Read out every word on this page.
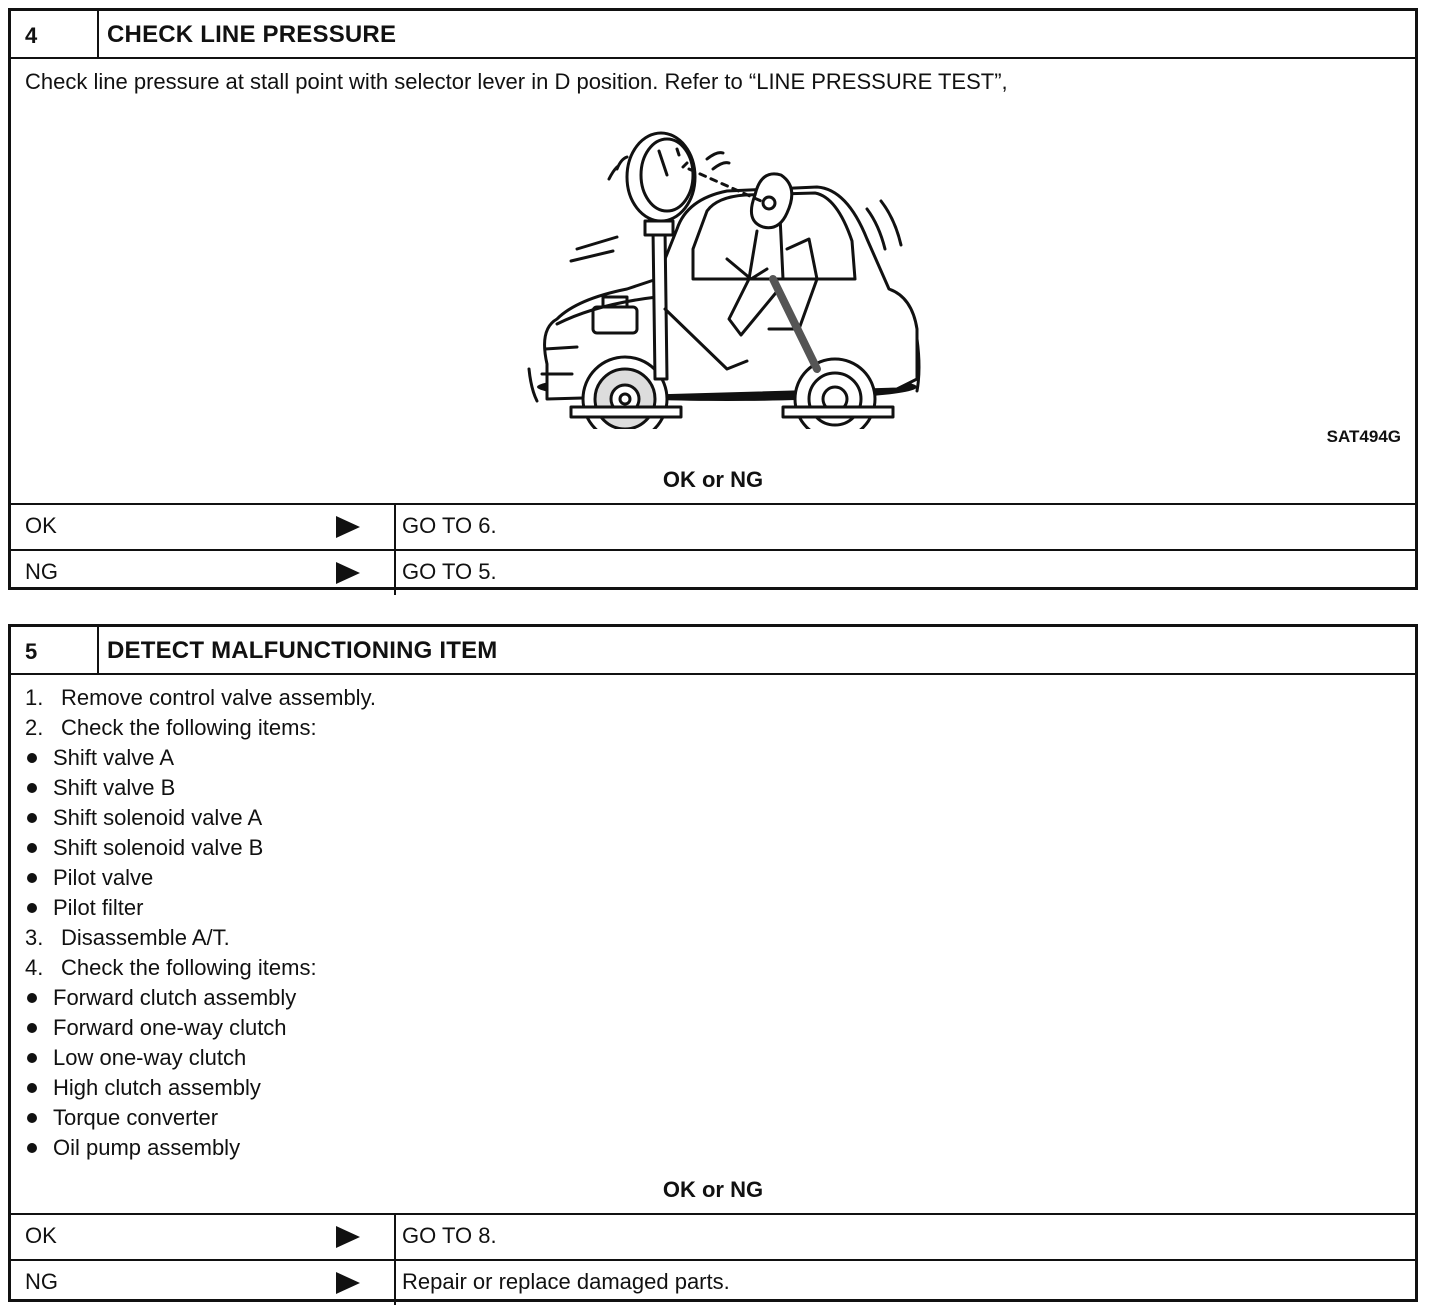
4	CHECK LINE PRESSURE
Check line pressure at stall point with selector lever in D position. Refer to “LINE PRESSURE TEST”,
SAT494G
OK or NG
OK	GO TO 6.
NG	GO TO 5.
5	DETECT MALFUNCTIONING ITEM
1. Remove control valve assembly.
2. Check the following items:
Shift valve A
Shift valve B
Shift solenoid valve A
Shift solenoid valve B
Pilot valve
Pilot filter
3. Disassemble A/T.
4. Check the following items:
Forward clutch assembly
Forward one-way clutch
Low one-way clutch
High clutch assembly
Torque converter
Oil pump assembly
OK or NG
OK	GO TO 8.
NG	Repair or replace damaged parts.
